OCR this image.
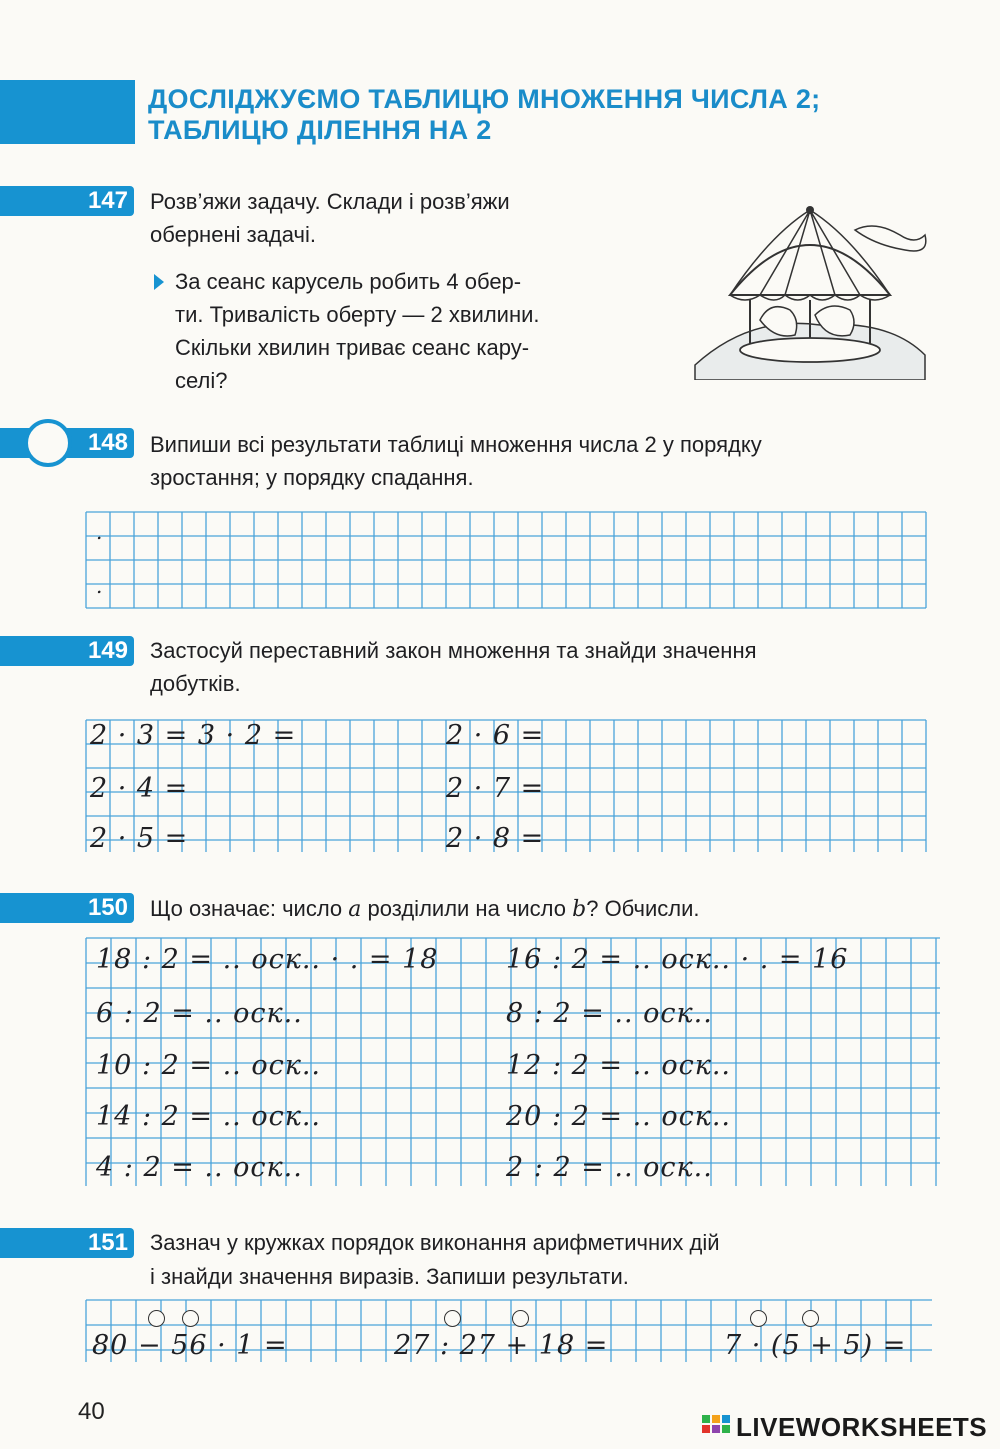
ДОСЛІДЖУЄМО ТАБЛИЦЮ МНОЖЕННЯ ЧИСЛА 2;
ТАБЛИЦЮ ДІЛЕННЯ НА 2
147 Розв’яжи задачу. Склади і розв’яжи
обернені задачі.
За сеанс карусель робить 4 обер-
ти. Тривалість оберту — 2 хвилини.
Скільки хвилин триває сеанс кару-
селі?
148 Випиши всі результати таблиці множення числа 2 у порядку
зростання; у порядку спадання.
.
.
149 Застосуй переставний закон множення та знайди значення
добутків.
2 · 3 = 3 · 2 =
2 · 4 =
2 · 5 =
2 · 6 =
2 · 7 =
2 · 8 =
150 Що означає: число a розділили на число b? Обчисли.
18 : 2 = .. ocк.. · . = 18
6 : 2 = .. ocк..
10 : 2 = .. ocк..
14 : 2 = .. ocк..
4 : 2 = .. ocк..
16 : 2 = .. ocк.. · . = 16
8 : 2 = .. ocк..
12 : 2 = .. ocк..
20 : 2 = .. ocк..
2 : 2 = .. ocк..
151 Зазнач у кружках порядок виконання арифметичних дій
і знайди значення виразів. Запиши результати.
80 − 56 · 1 =	27 : 27 + 18 =	7 · (5 + 5) =
40
LIVEWORKSHEETS
